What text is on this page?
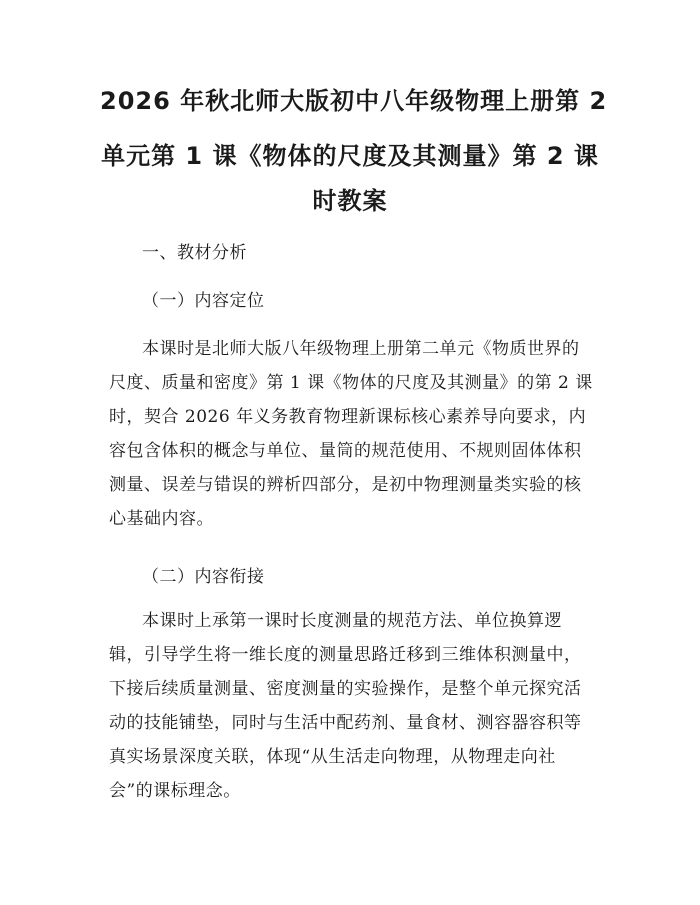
2026 年秋北师大版初中八年级物理上册第 2
单元第 1 课《物体的尺度及其测量》第 2 课
时教案
一、教材分析
（一）内容定位
本课时是北师大版八年级物理上册第二单元《物质世界的
尺度、质量和密度》第 1 课《物体的尺度及其测量》的第 2 课
时，契合 2026 年义务教育物理新课标核心素养导向要求，内
容包含体积的概念与单位、量筒的规范使用、不规则固体体积
测量、误差与错误的辨析四部分，是初中物理测量类实验的核
心基础内容。
（二）内容衔接
本课时上承第一课时长度测量的规范方法、单位换算逻
辑，引导学生将一维长度的测量思路迁移到三维体积测量中，
下接后续质量测量、密度测量的实验操作，是整个单元探究活
动的技能铺垫，同时与生活中配药剂、量食材、测容器容积等
真实场景深度关联，体现“从生活走向物理，从物理走向社
会”的课标理念。
